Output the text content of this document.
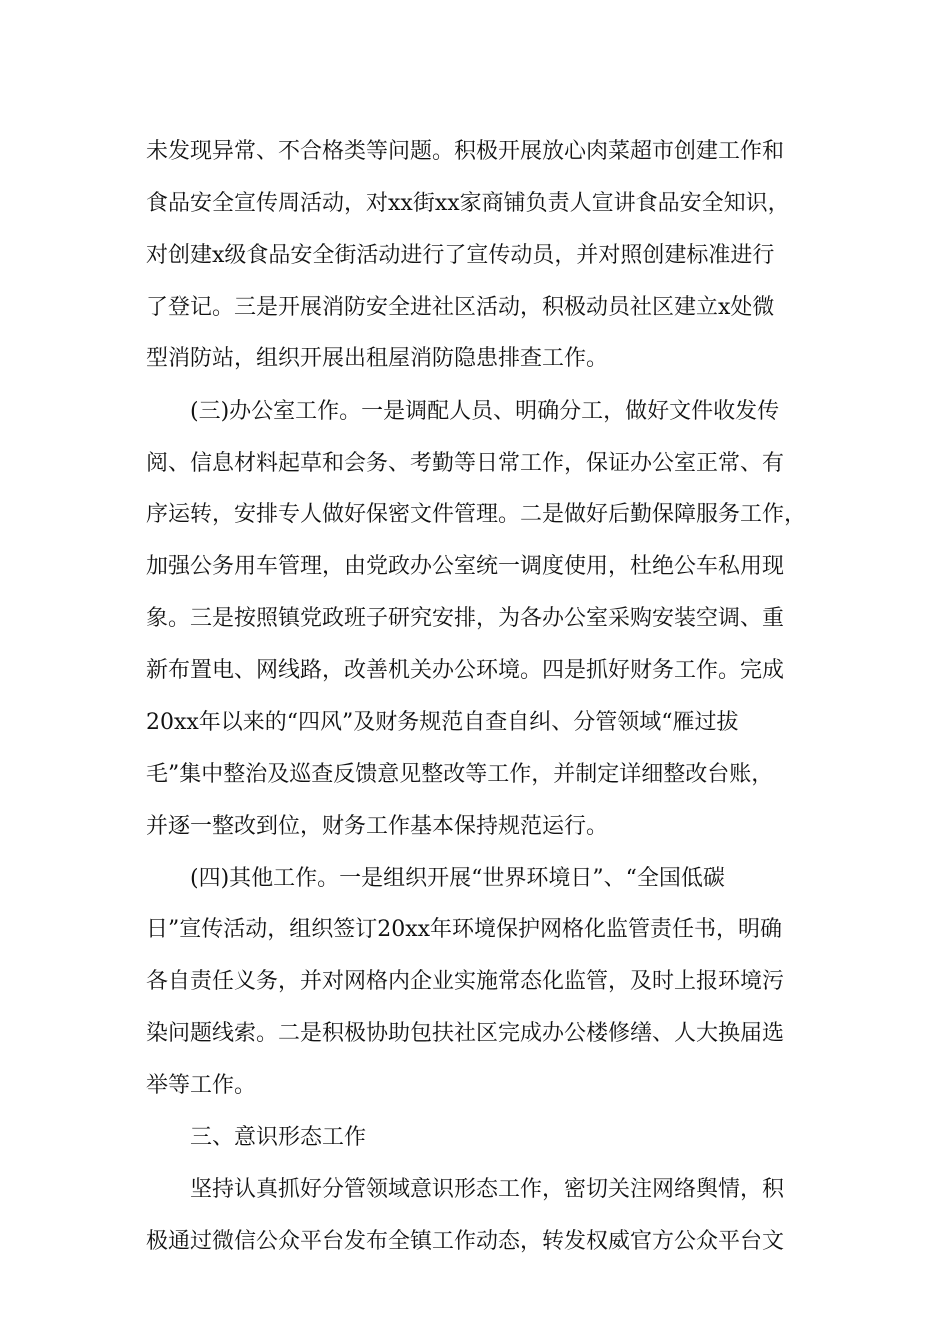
未发现异常、不合格类等问题。积极开展放心肉菜超市创建工作和
食品安全宣传周活动，对xx街xx家商铺负责人宣讲食品安全知识，
对创建x级食品安全街活动进行了宣传动员，并对照创建标准进行
了登记。三是开展消防安全进社区活动，积极动员社区建立x处微
型消防站，组织开展出租屋消防隐患排查工作。
(三)办公室工作。一是调配人员、明确分工，做好文件收发传
阅、信息材料起草和会务、考勤等日常工作，保证办公室正常、有
序运转，安排专人做好保密文件管理。二是做好后勤保障服务工作，
加强公务用车管理，由党政办公室统一调度使用，杜绝公车私用现
象。三是按照镇党政班子研究安排，为各办公室采购安装空调、重
新布置电、网线路，改善机关办公环境。四是抓好财务工作。完成
20xx年以来的“四风”及财务规范自查自纠、分管领域“雁过拔
毛”集中整治及巡查反馈意见整改等工作，并制定详细整改台账，
并逐一整改到位，财务工作基本保持规范运行。
(四)其他工作。一是组织开展“世界环境日”、“全国低碳
日”宣传活动，组织签订20xx年环境保护网格化监管责任书，明确
各自责任义务，并对网格内企业实施常态化监管，及时上报环境污
染问题线索。二是积极协助包扶社区完成办公楼修缮、人大换届选
举等工作。
三、意识形态工作
坚持认真抓好分管领域意识形态工作，密切关注网络舆情，积
极通过微信公众平台发布全镇工作动态，转发权威官方公众平台文
